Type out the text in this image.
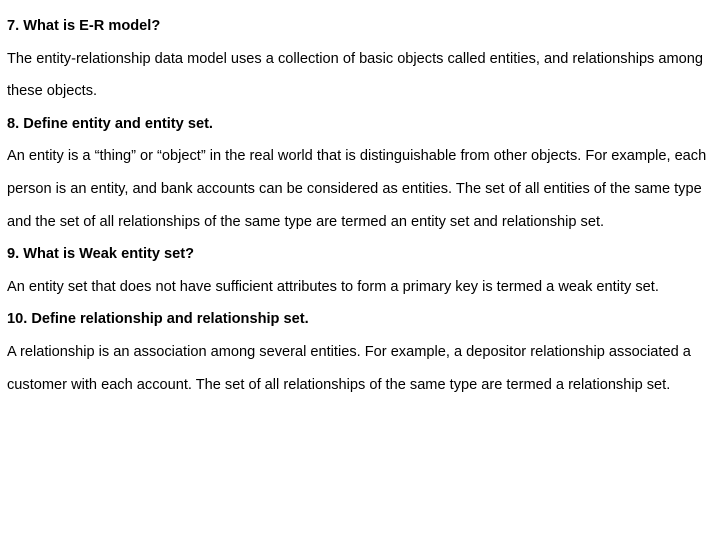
7. What is E-R model?

The entity-relationship data model uses a collection of basic objects called entities, and relationships among these objects.

8. Define entity and entity set.

An entity is a “thing” or “object” in the real world that is distinguishable from other objects. For example, each person is an entity, and bank accounts can be considered as entities. The set of all entities of the same type and the set of all relationships of the same type are termed an entity set and relationship set.

9. What is Weak entity set?

An entity set that does not have sufficient attributes to form a primary key is termed a weak entity set.

10. Define relationship and relationship set.

A relationship is an association among several entities. For example, a depositor relationship associated a customer with each account. The set of all relationships of the same type are termed a relationship set.
